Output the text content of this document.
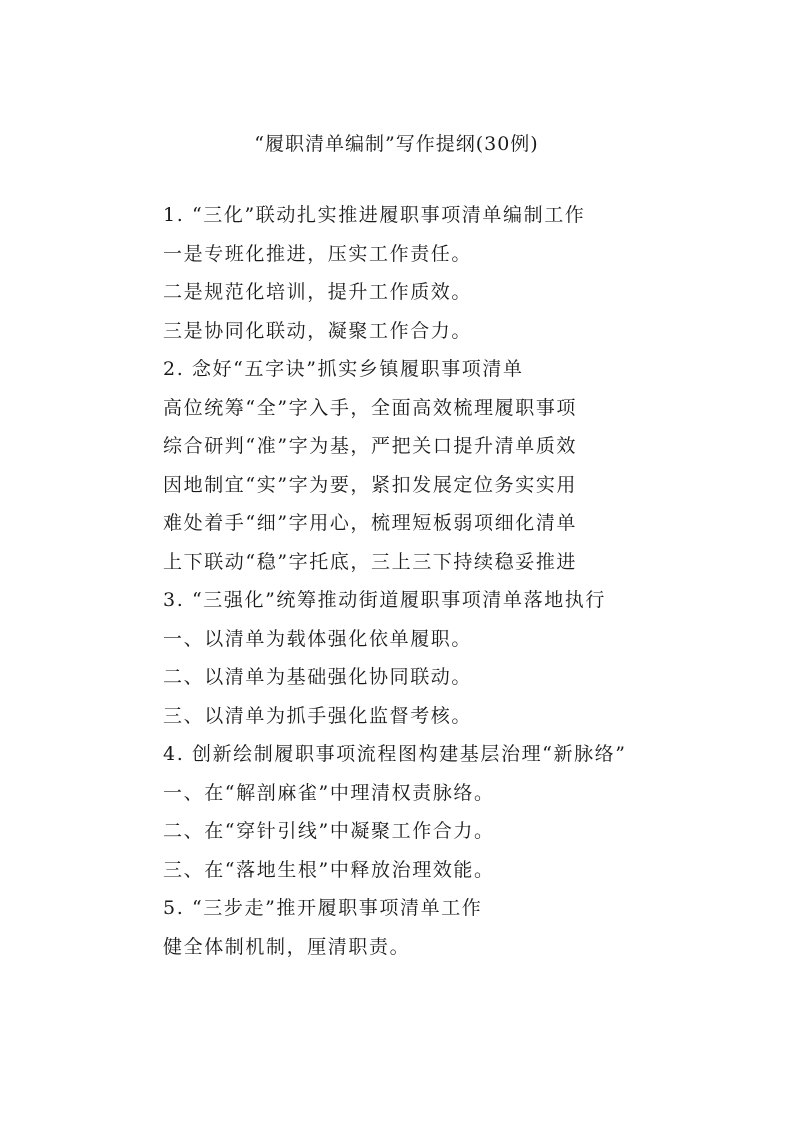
“履职清单编制”写作提纲(30例)
1. “三化”联动扎实推进履职事项清单编制工作
一是专班化推进，压实工作责任。
二是规范化培训，提升工作质效。
三是协同化联动，凝聚工作合力。
2. 念好“五字诀”抓实乡镇履职事项清单
高位统筹“全”字入手，全面高效梳理履职事项
综合研判“准”字为基，严把关口提升清单质效
因地制宜“实”字为要，紧扣发展定位务实实用
难处着手“细”字用心，梳理短板弱项细化清单
上下联动“稳”字托底，三上三下持续稳妥推进
3. “三强化”统筹推动街道履职事项清单落地执行
一、以清单为载体强化依单履职。
二、以清单为基础强化协同联动。
三、以清单为抓手强化监督考核。
4. 创新绘制履职事项流程图构建基层治理“新脉络”
一、在“解剖麻雀”中理清权责脉络。
二、在“穿针引线”中凝聚工作合力。
三、在“落地生根”中释放治理效能。
5. “三步走”推开履职事项清单工作
健全体制机制，厘清职责。
